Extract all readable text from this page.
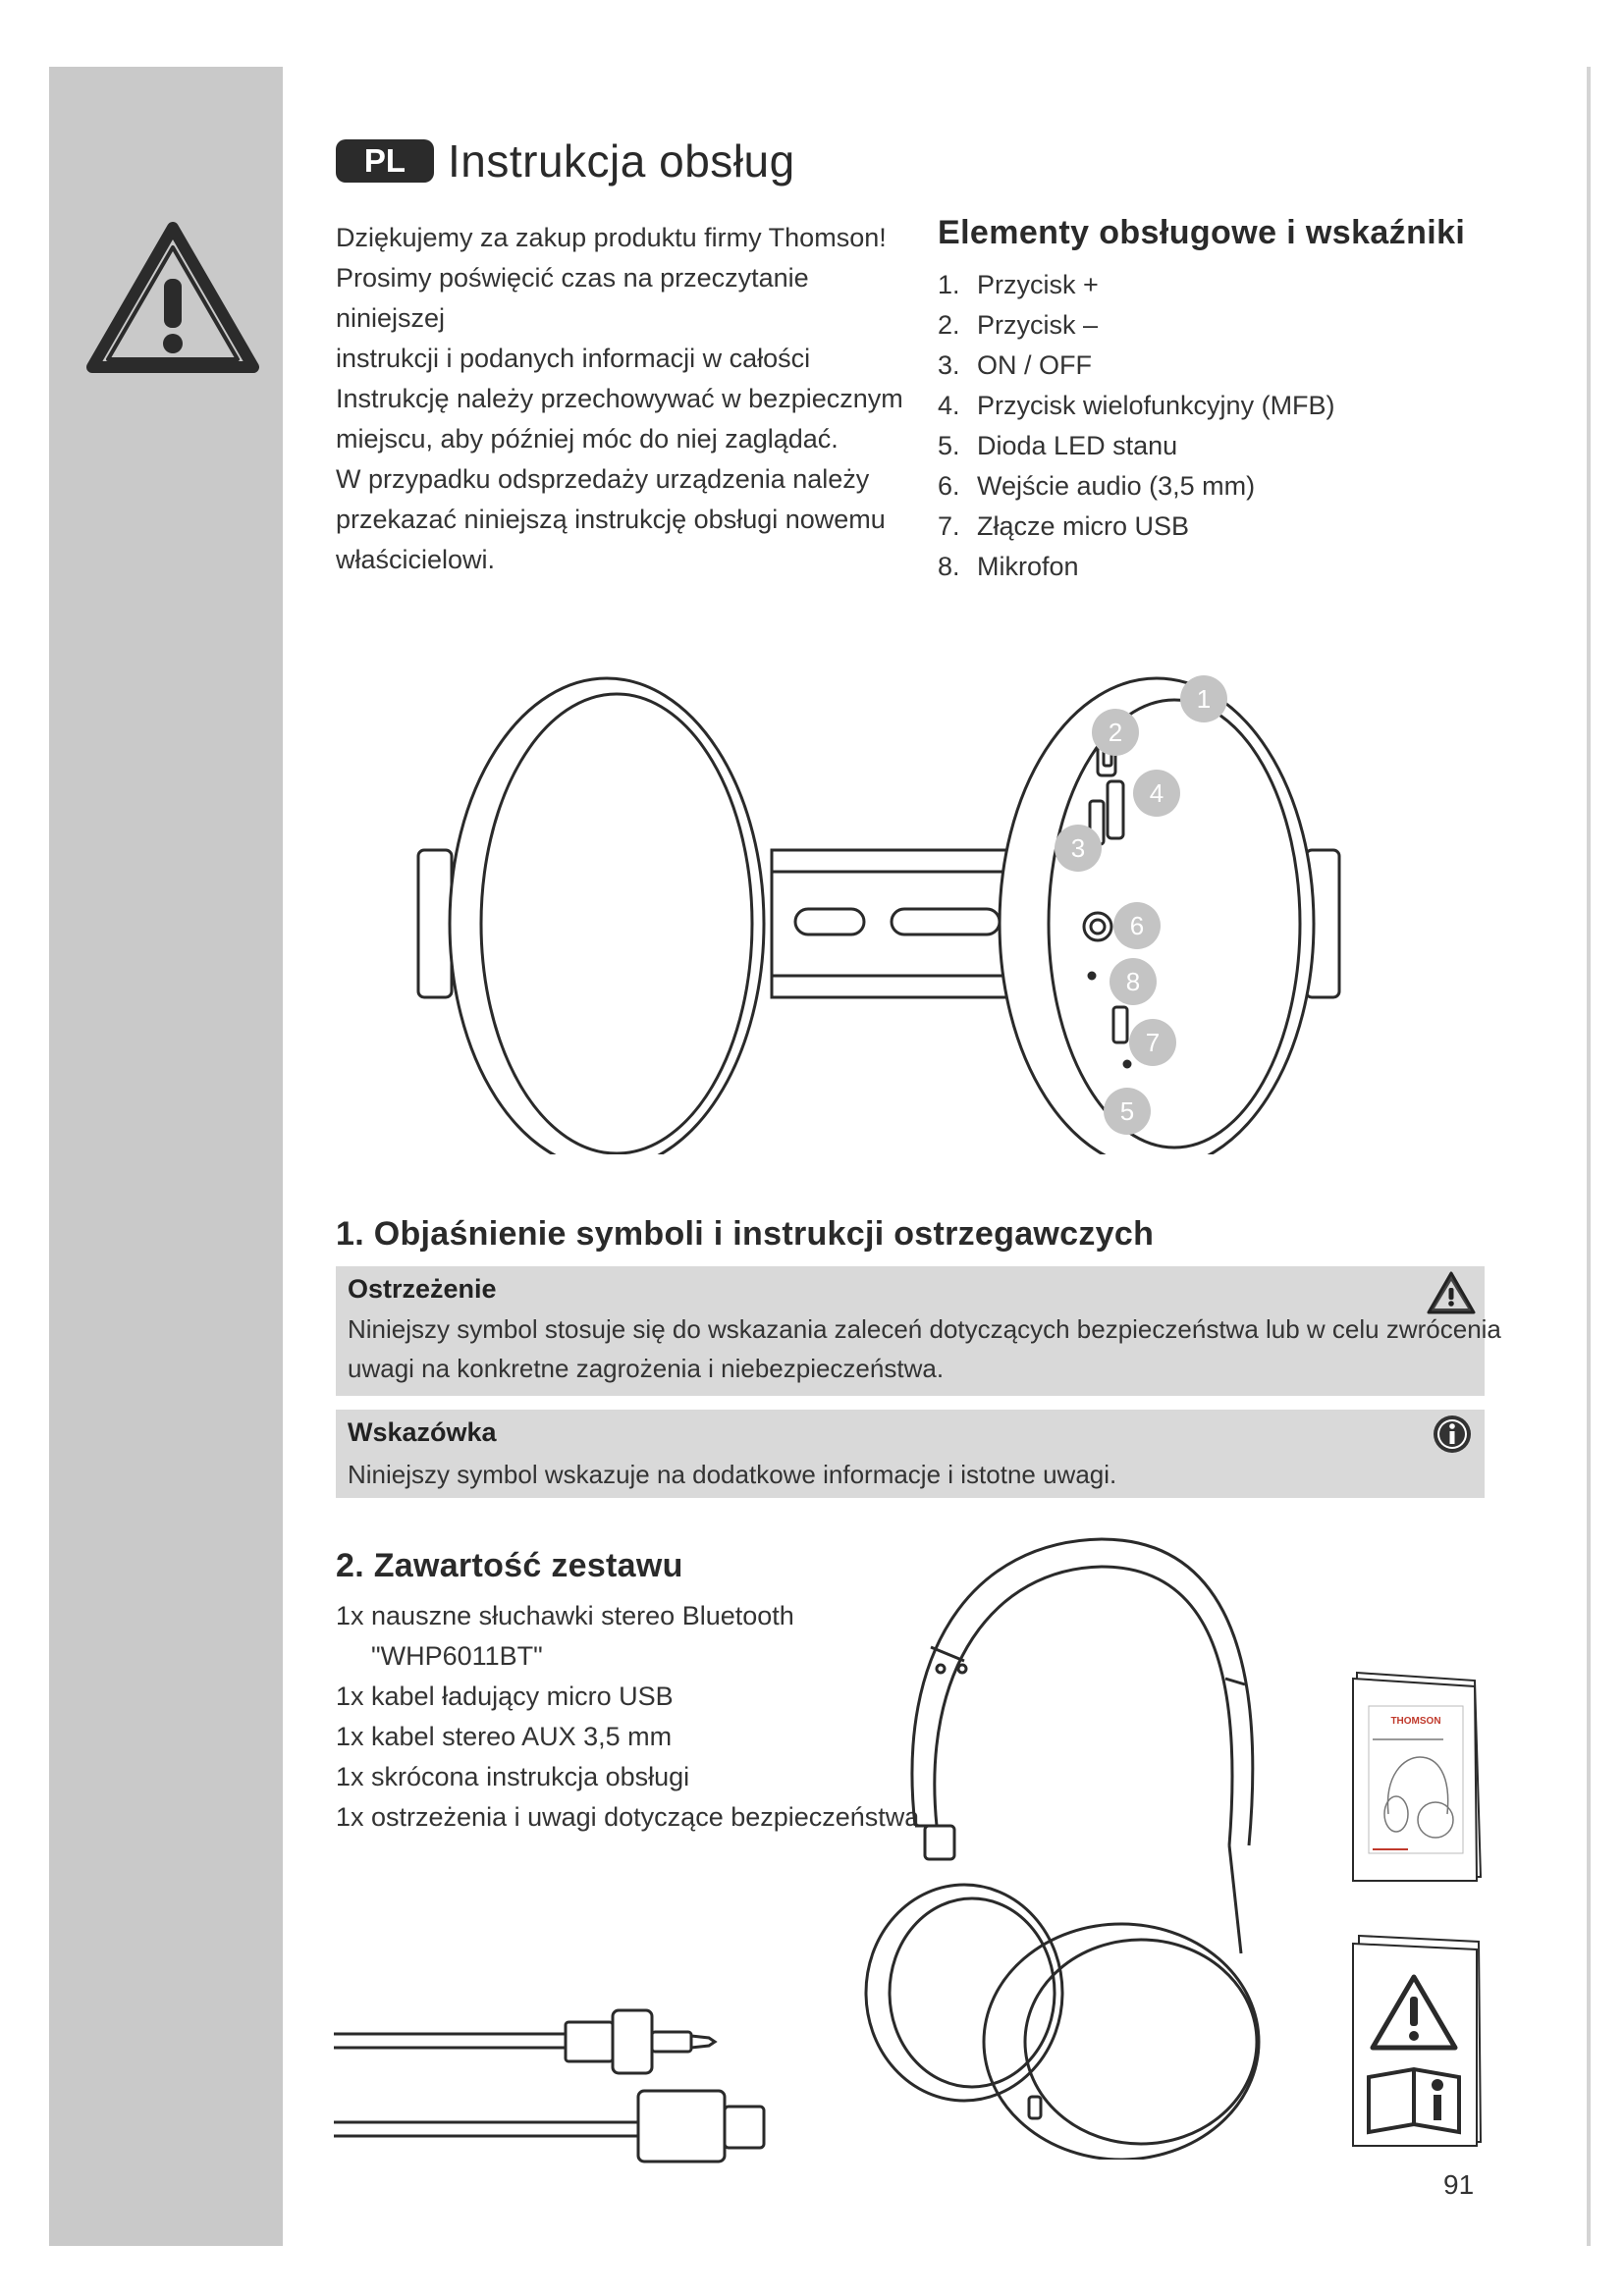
PL Instrukcja obsług
Dziękujemy za zakup produktu firmy Thomson!
Prosimy poświęcić czas na przeczytanie niniejszej
instrukcji i podanych informacji w całości
Instrukcję należy przechowywać w bezpiecznym
miejscu, aby później móc do niej zaglądać.
W przypadku odsprzedaży urządzenia należy
przekazać niniejszą instrukcję obsługi nowemu
właścicielowi.
Elementy obsługowe i wskaźniki
1. Przycisk +
2. Przycisk –
3. ON / OFF
4. Przycisk wielofunkcyjny (MFB)
5. Dioda LED stanu
6. Wejście audio (3,5 mm)
7. Złącze micro USB
8. Mikrofon
1
2
4
3
6
8
7
5
1. Objaśnienie symboli i instrukcji ostrzegawczych
Ostrzeżenie
Niniejszy symbol stosuje się do wskazania zaleceń dotyczących bezpieczeństwa lub w celu zwrócenia
uwagi na konkretne zagrożenia i niebezpieczeństwa.
Wskazówka
Niniejszy symbol wskazuje na dodatkowe informacje i istotne uwagi.
2. Zawartość zestawu
1x nauszne słuchawki stereo Bluetooth
"WHP6011BT"
1x kabel ładujący micro USB
1x kabel stereo AUX 3,5 mm
1x skrócona instrukcja obsługi
1x ostrzeżenia i uwagi dotyczące bezpieczeństwa
THOMSON
91
